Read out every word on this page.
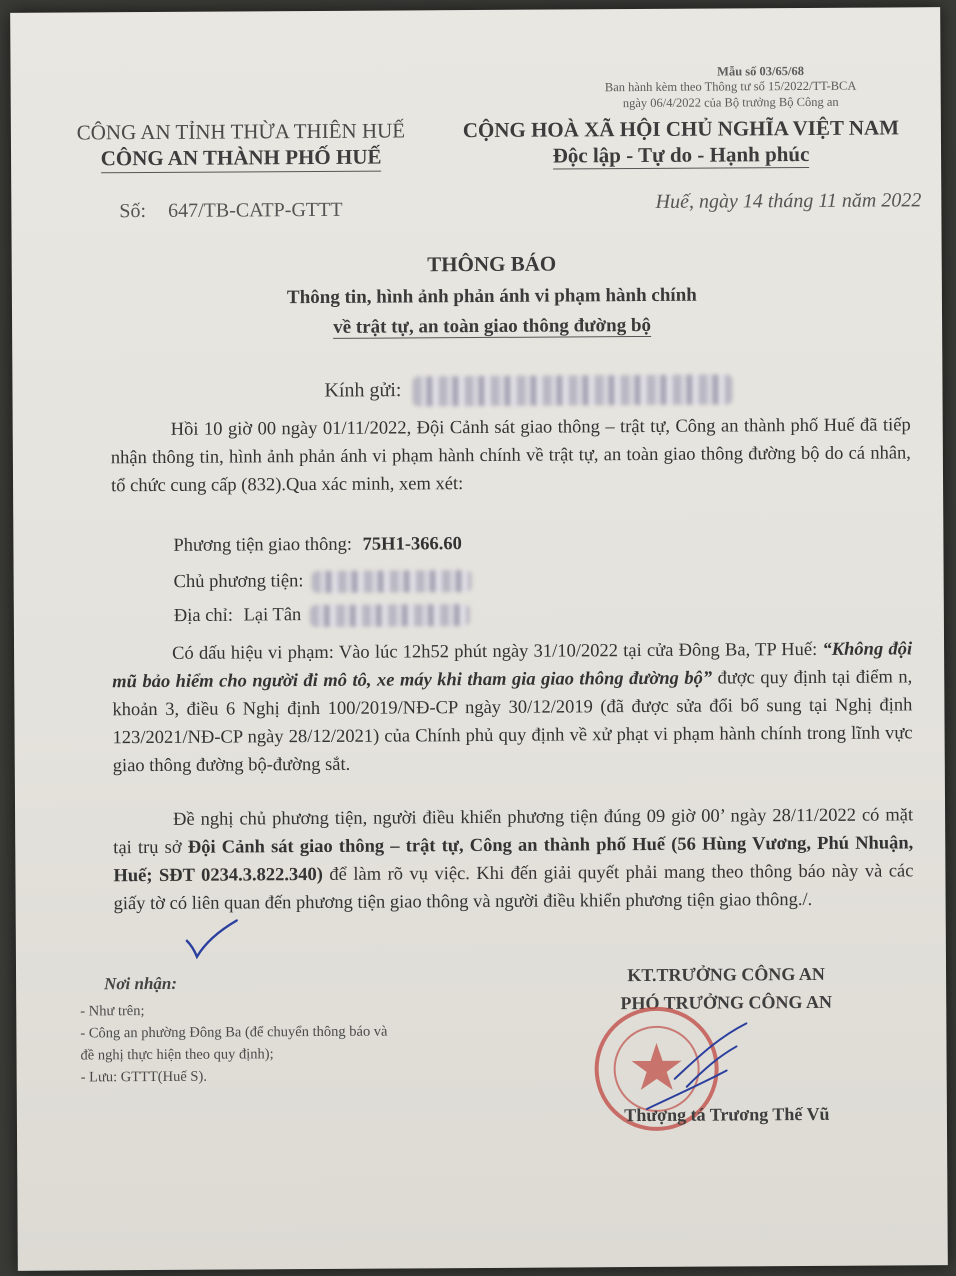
Mẫu số 03/65/68
Ban hành kèm theo Thông tư số 15/2022/TT-BCA
ngày 06/4/2022 của Bộ trưởng Bộ Công an
CÔNG AN TỈNH THỪA THIÊN HUẾ
CÔNG AN THÀNH PHỐ HUẾ
CỘNG HOÀ XÃ HỘI CHỦ NGHĨA VIỆT NAM
Độc lập - Tự do - Hạnh phúc
Số: 647/TB-CATP-GTTT	Huế, ngày 14 tháng 11 năm 2022
THÔNG BÁO
Thông tin, hình ảnh phản ánh vi phạm hành chính
về trật tự, an toàn giao thông đường bộ
Kính gửi:
Hồi 10 giờ 00 ngày 01/11/2022, Đội Cảnh sát giao thông – trật tự, Công an thành phố Huế đã tiếp nhận thông tin, hình ảnh phản ánh vi phạm hành chính về trật tự, an toàn giao thông đường bộ do cá nhân, tổ chức cung cấp (832).Qua xác minh, xem xét:
Phương tiện giao thông: 75H1-366.60
Chủ phương tiện:
Địa chỉ: Lại Tân
Có dấu hiệu vi phạm: Vào lúc 12h52 phút ngày 31/10/2022 tại cửa Đông Ba, TP Huế: “Không đội mũ bảo hiểm cho người đi mô tô, xe máy khi tham gia giao thông đường bộ” được quy định tại điểm n, khoản 3, điều 6 Nghị định 100/2019/NĐ-CP ngày 30/12/2019 (đã được sửa đổi bổ sung tại Nghị định 123/2021/NĐ-CP ngày 28/12/2021) của Chính phủ quy định về xử phạt vi phạm hành chính trong lĩnh vực giao thông đường bộ-đường sắt.
Đề nghị chủ phương tiện, người điều khiển phương tiện đúng 09 giờ 00’ ngày 28/11/2022 có mặt tại trụ sở Đội Cảnh sát giao thông – trật tự, Công an thành phố Huế (56 Hùng Vương, Phú Nhuận, Huế; SĐT 0234.3.822.340) để làm rõ vụ việc. Khi đến giải quyết phải mang theo thông báo này và các giấy tờ có liên quan đến phương tiện giao thông và người điều khiển phương tiện giao thông./.
Nơi nhận:
- Như trên;
- Công an phường Đông Ba (để chuyển thông báo và
đề nghị thực hiện theo quy định);
- Lưu: GTTT(Huế S).
KT.TRƯỞNG CÔNG AN
PHÓ TRƯỞNG CÔNG AN
Thượng tá Trương Thế Vũ
